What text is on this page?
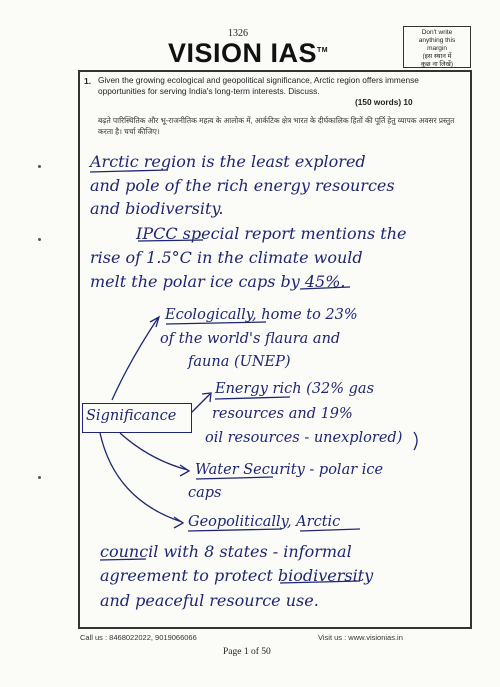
1326
VISION IAS™
Don't write
anything this
margin
(इस स्थान में
कुछ ना लिखें)
1. Given the growing ecological and geopolitical significance, Arctic region offers immense opportunities for serving India's long-term interests. Discuss.
(150 words) 10
बढ़ते पारिस्थितिक और भू-राजनीतिक महत्व के आलोक में, आर्कटिक क्षेत्र भारत के दीर्घकालिक हितों की पूर्ति हेतु व्यापक अवसर प्रस्तुत करता है। चर्चा कीजिए।
Arctic region is the least explored
and pole of the rich energy resources
and biodiversity.
IPCC special report mentions the
rise of 1.5°C in the climate would
melt the polar ice caps by 45%.
Ecologically, home to 23%
of the world's flaura and
fauna (UNEP)
Significance
Energy rich (32% gas
resources and 19%
oil resources - unexplored)
Water Security - polar ice
caps
Geopolitically, Arctic
council with 8 states - informal
agreement to protect biodiversity
and peaceful resource use.
Call us : 8468022022, 9019066066	Visit us : www.visionias.in
Page 1 of 50
